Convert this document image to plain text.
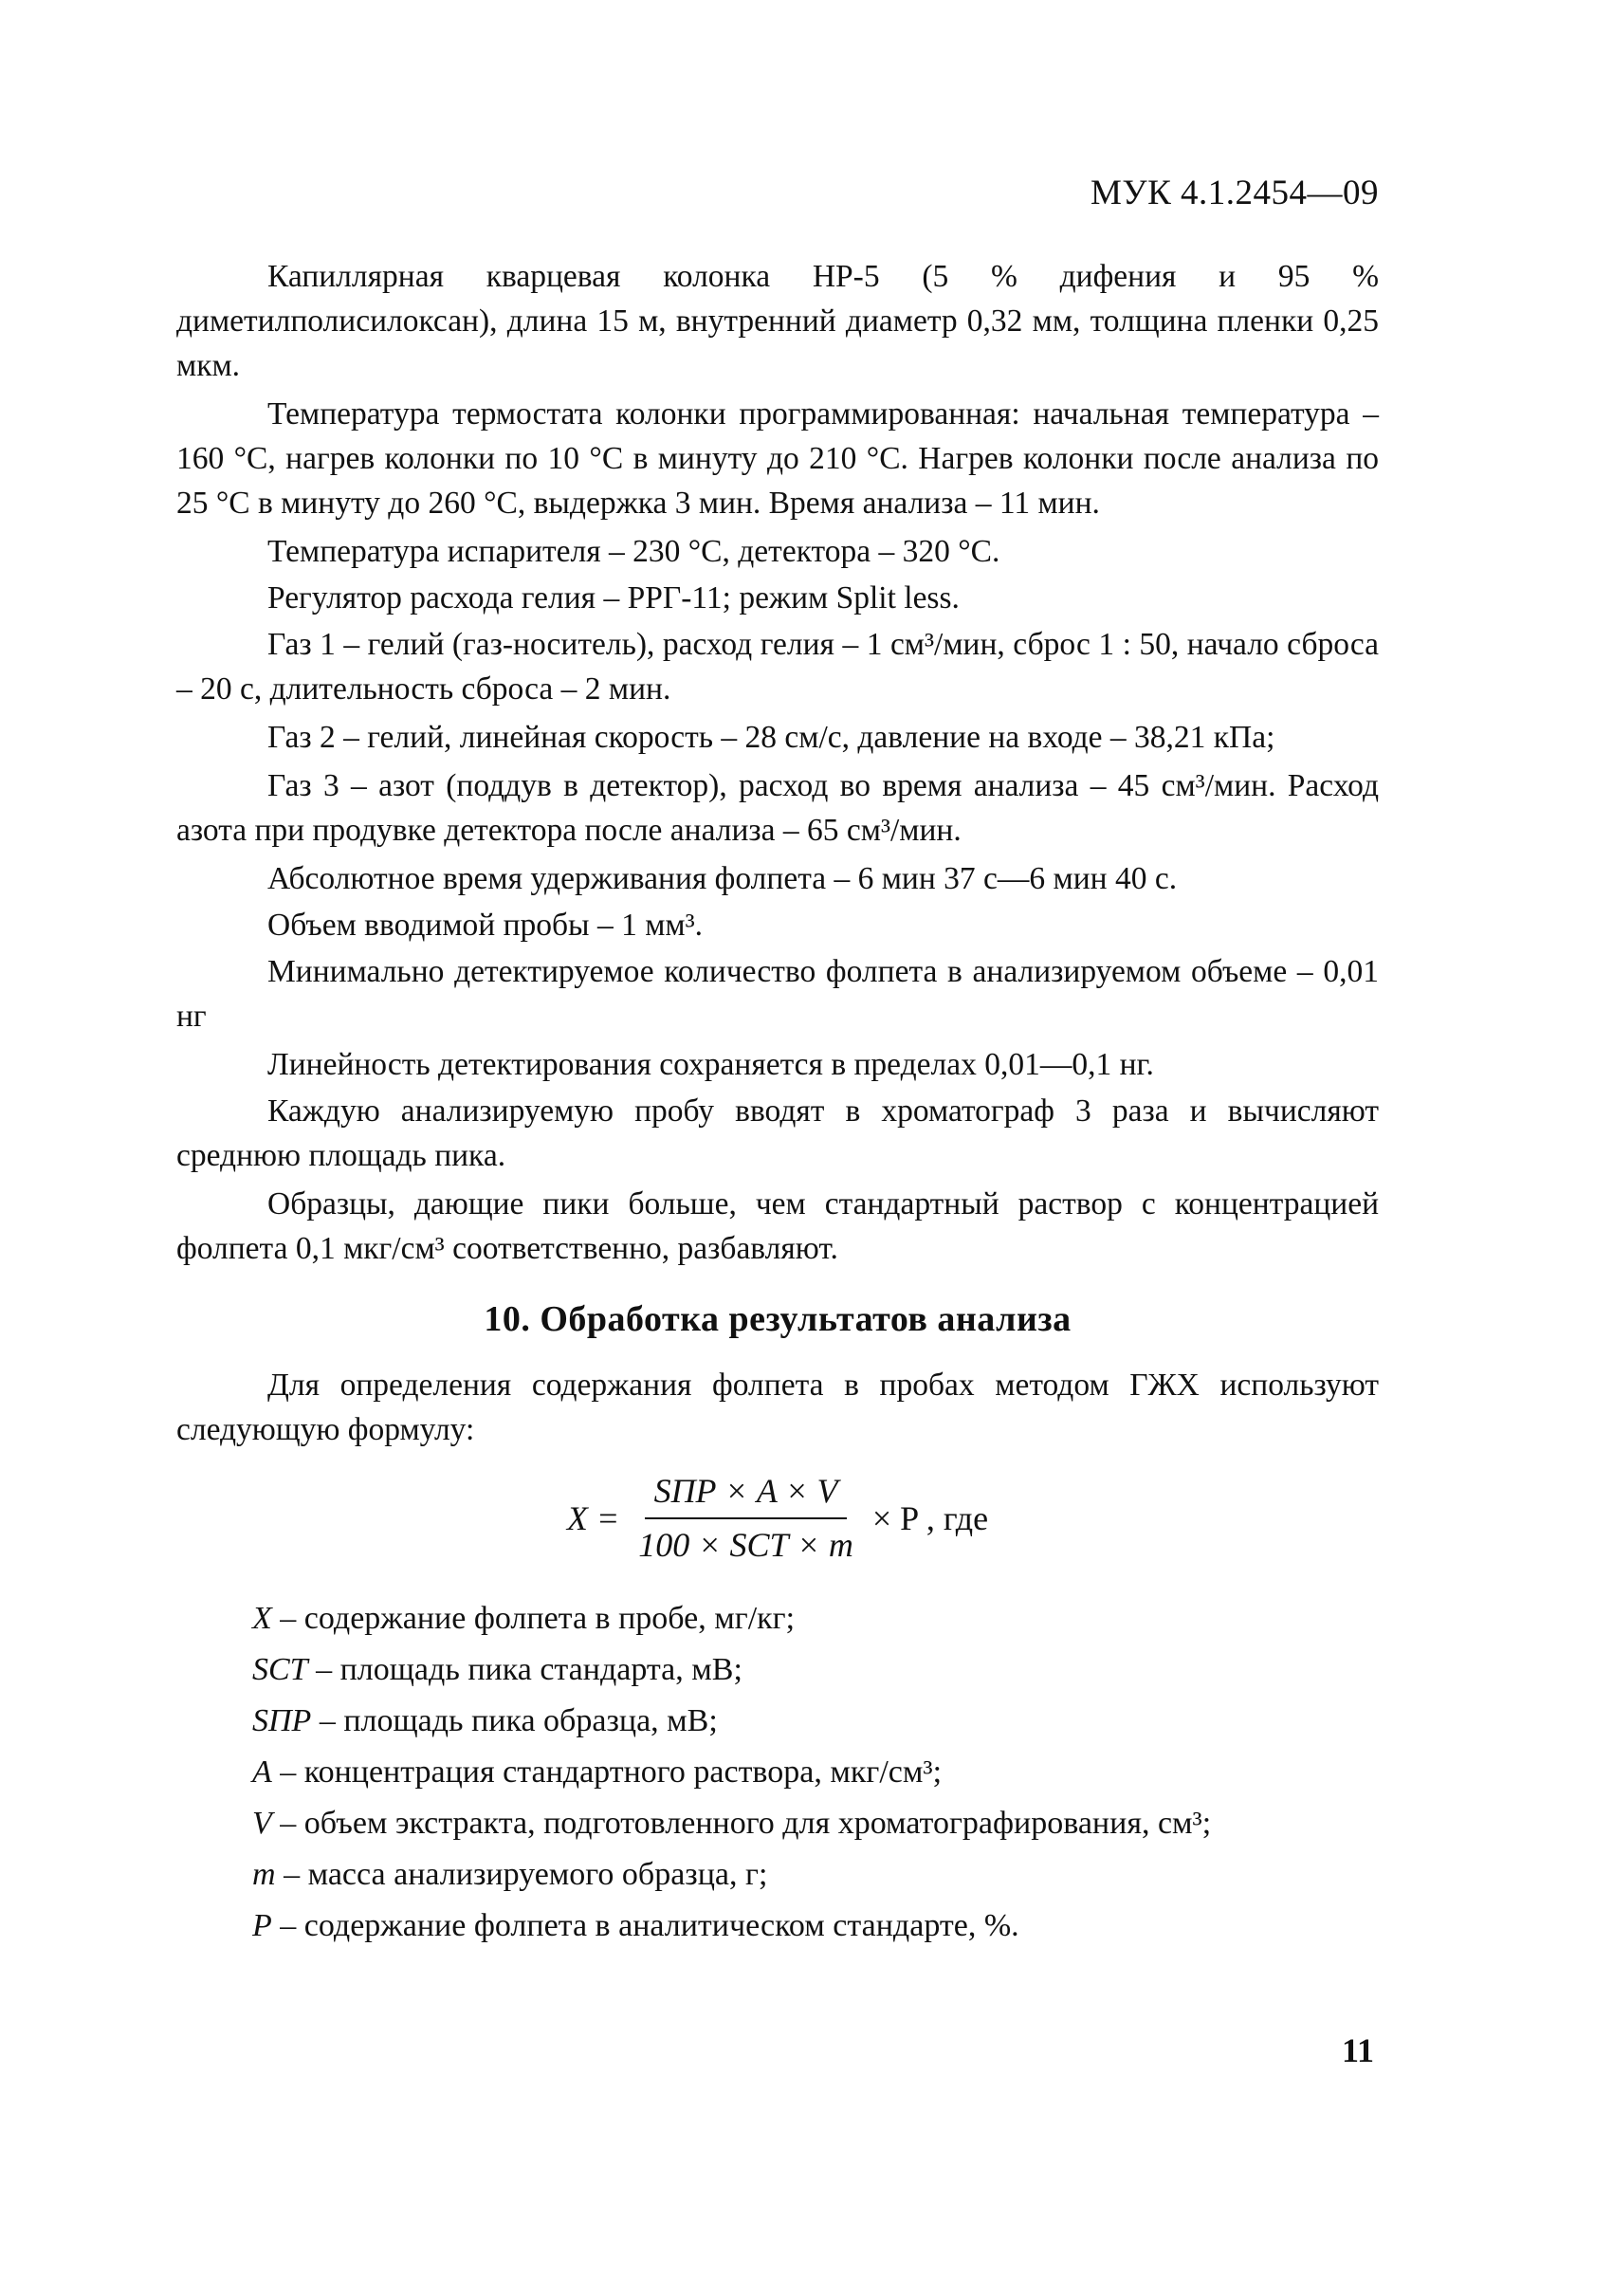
МУК 4.1.2454—09

Капиллярная кварцевая колонка HP-5 (5 % дифения и 95 % диметилполисилоксан), длина 15 м, внутренний диаметр 0,32 мм, толщина пленки 0,25 мкм.

Температура термостата колонки программированная: начальная температура – 160 °С, нагрев колонки по 10 °С в минуту до 210 °С. Нагрев колонки после анализа по 25 °С в минуту до 260 °С, выдержка 3 мин. Время анализа – 11 мин.

Температура испарителя – 230 °С, детектора – 320 °С.

Регулятор расхода гелия – РРГ-11; режим Split less.

Газ 1 – гелий (газ-носитель), расход гелия – 1 см³/мин, сброс 1 : 50, начало сброса – 20 с, длительность сброса – 2 мин.

Газ 2 – гелий, линейная скорость – 28 см/с, давление на входе – 38,21 кПа;

Газ 3 – азот (поддув в детектор), расход во время анализа – 45 см³/мин. Расход азота при продувке детектора после анализа – 65 см³/мин.

Абсолютное время удерживания фолпета – 6 мин 37 с—6 мин 40 с.

Объем вводимой пробы – 1 мм³.

Минимально детектируемое количество фолпета в анализируемом объеме – 0,01 нг

Линейность детектирования сохраняется в пределах 0,01—0,1 нг.

Каждую анализируемую пробу вводят в хроматограф 3 раза и вычисляют среднюю площадь пика.

Образцы, дающие пики больше, чем стандартный раствор с концентрацией фолпета 0,1 мкг/см³ соответственно, разбавляют.

10. Обработка результатов анализа

Для определения содержания фолпета в пробах методом ГЖХ используют следующую формулу:

$X = \frac{\text{SПР × A × V}}{\text{100 × SСТ × m}} \times P$ , где
X – содержание фолпета в пробе, мг/кг;
SСТ – площадь пика стандарта, мВ;
SПР – площадь пика образца, мВ;
A – концентрация стандартного раствора, мкг/см³;
V – объем экстракта, подготовленного для хроматографирования, см³;
m – масса анализируемого образца, г;
P – содержание фолпета в аналитическом стандарте, %.
11
